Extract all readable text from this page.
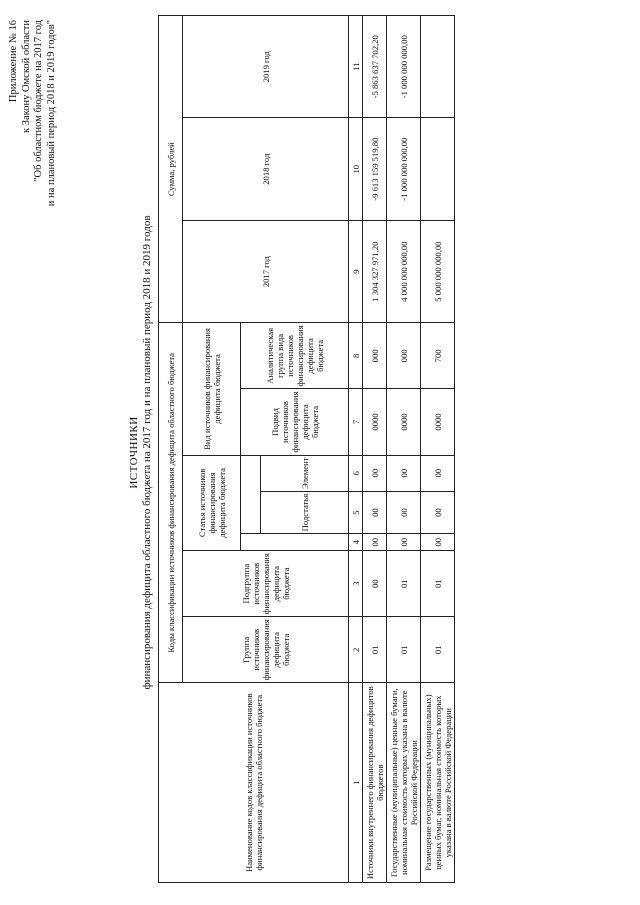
Приложение № 16 к Закону Омской области "Об областном бюджете на 2017 год и на плановый период 2018 и 2019 годов"
ИСТОЧНИКИ финансирования дефицита областного бюджета на 2017 год и на плановый период 2018 и 2019 годов
Наименование кодов классификации источников финансирования дефицита областного бюджета	Коды классификации источников финансирования дефицита областного бюджета							Сумма, рублей		
	Группа источников финансирования дефицита бюджета	Подгруппа источников финансирования дефицита бюджета	Статья источников финансирования дефицита бюджета			Вид источников финансирования дефицита бюджета		2017 год	2018 год	2019 год
						Подвид источников финансирования дефицита бюджета	Аналитическая группа вида источников финансирования дефицита бюджета			
				Подстатья	Элемент					
1	2	3	4	5	6	7	8	9	10	11
Источники внутреннего финансирования дефицитов бюджетов	01	00	00	00	00	0000	000	1 304 327 971,20	-9 613 159 519,80	-5 863 637 702,20
Государственные (муниципальные) ценные бумаги, номинальная стоимость которых указана в валюте Российской Федерации	01	01	00	00	00	0000	000	4 000 000 000,00	-1 000 000 000,00	-1 000 000 000,00
Размещение государственных (муниципальных) ценных бумаг, номинальная стоимость которых указана в валюте Российской Федерации	01	01	00	00	00	0000	700	5 000 000 000,00		
